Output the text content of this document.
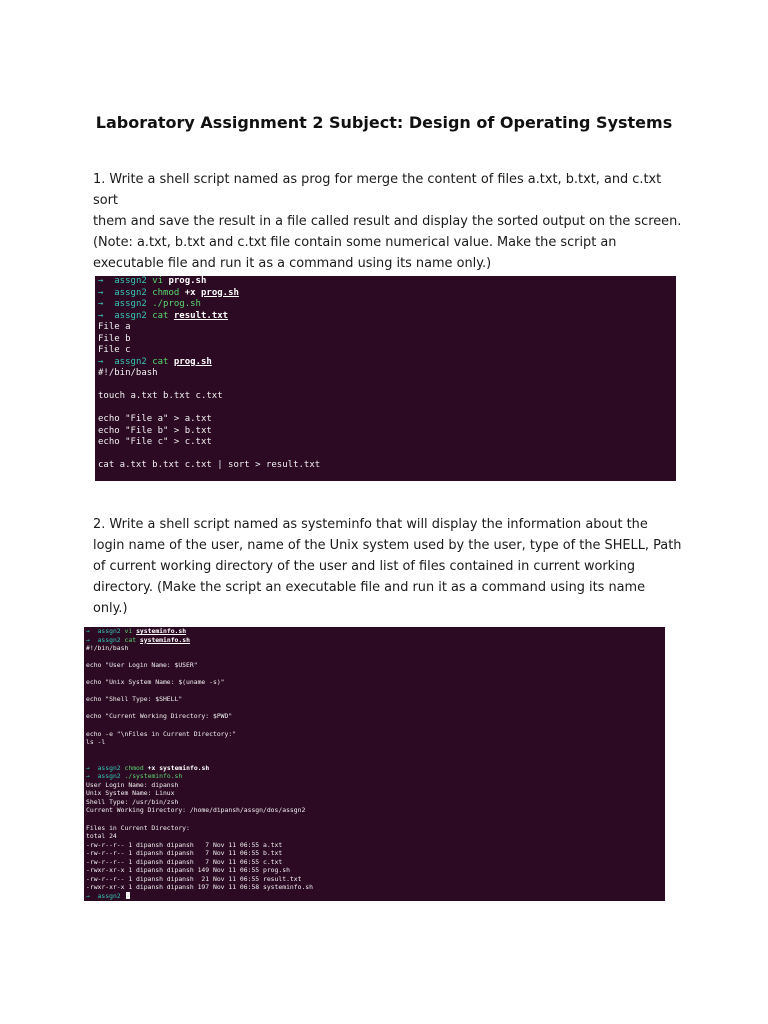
Laboratory Assignment 2 Subject: Design of Operating Systems
1. Write a shell script named as prog for merge the content of files a.txt, b.txt, and c.txt sort
them and save the result in a file called result and display the sorted output on the screen.
(Note: a.txt, b.txt and c.txt file contain some numerical value. Make the script an
executable file and run it as a command using its name only.)
→ assgn2 vi prog.sh
→ assgn2 chmod +x prog.sh
→ assgn2 ./prog.sh
→ assgn2 cat result.txt
File a
File b
File c
→ assgn2 cat prog.sh
#!/bin/bash
touch a.txt b.txt c.txt
echo "File a" > a.txt
echo "File b" > b.txt
echo "File c" > c.txt
cat a.txt b.txt c.txt | sort > result.txt
2. Write a shell script named as systeminfo that will display the information about the
login name of the user, name of the Unix system used by the user, type of the SHELL, Path
of current working directory of the user and list of files contained in current working
directory. (Make the script an executable file and run it as a command using its name
only.)
→ assgn2 vi systeminfo.sh
→ assgn2 cat systeminfo.sh
#!/bin/bash
echo "User Login Name: $USER"
echo "Unix System Name: $(uname -s)"
echo "Shell Type: $SHELL"
echo "Current Working Directory: $PWD"
echo -e "\nFiles in Current Directory:"
ls -l
→ assgn2 chmod +x systeminfo.sh
→ assgn2 ./systeminfo.sh
User Login Name: dipansh
Unix System Name: Linux
Shell Type: /usr/bin/zsh
Current Working Directory: /home/dipansh/assgn/dos/assgn2
Files in Current Directory:
total 24
-rw-r--r-- 1 dipansh dipansh   7 Nov 11 06:55 a.txt
-rw-r--r-- 1 dipansh dipansh   7 Nov 11 06:55 b.txt
-rw-r--r-- 1 dipansh dipansh   7 Nov 11 06:55 c.txt
-rwxr-xr-x 1 dipansh dipansh 149 Nov 11 06:55 prog.sh
-rw-r--r-- 1 dipansh dipansh  21 Nov 11 06:55 result.txt
-rwxr-xr-x 1 dipansh dipansh 197 Nov 11 06:58 systeminfo.sh
→ assgn2
